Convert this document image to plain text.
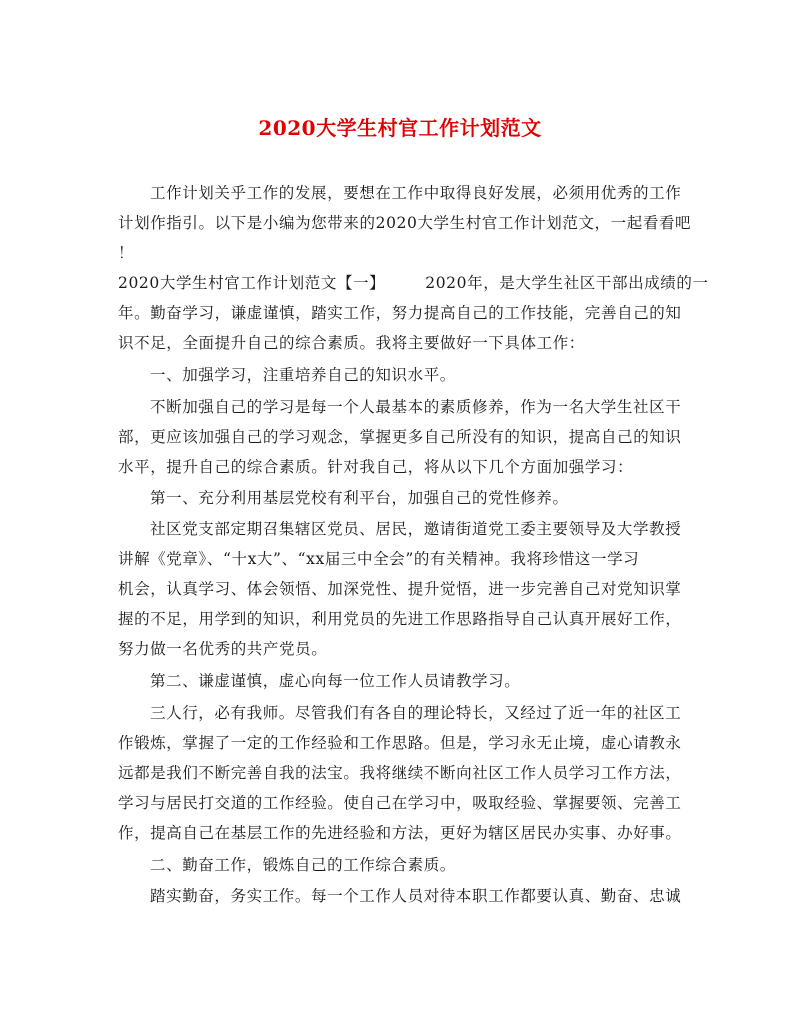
2020大学生村官工作计划范文
工作计划关乎工作的发展，要想在工作中取得良好发展，必须用优秀的工作
计划作指引。以下是小编为您带来的2020大学生村官工作计划范文，一起看看吧
！
2020大学生村官工作计划范文【一】	2020年，是大学生社区干部出成绩的一
年。勤奋学习，谦虚谨慎，踏实工作，努力提高自己的工作技能，完善自己的知
识不足，全面提升自己的综合素质。我将主要做好一下具体工作：
一、加强学习，注重培养自己的知识水平。
不断加强自己的学习是每一个人最基本的素质修养，作为一名大学生社区干
部，更应该加强自己的学习观念，掌握更多自己所没有的知识，提高自己的知识
水平，提升自己的综合素质。针对我自己，将从以下几个方面加强学习：
第一、充分利用基层党校有利平台，加强自己的党性修养。
社区党支部定期召集辖区党员、居民，邀请街道党工委主要领导及大学教授
讲解《党章》、“十x大”、“xx届三中全会”的有关精神。我将珍惜这一学习
机会，认真学习、体会领悟、加深党性、提升觉悟，进一步完善自己对党知识掌
握的不足，用学到的知识，利用党员的先进工作思路指导自己认真开展好工作，
努力做一名优秀的共产党员。
第二、谦虚谨慎，虚心向每一位工作人员请教学习。
三人行，必有我师。尽管我们有各自的理论特长，又经过了近一年的社区工
作锻炼，掌握了一定的工作经验和工作思路。但是，学习永无止境，虚心请教永
远都是我们不断完善自我的法宝。我将继续不断向社区工作人员学习工作方法，
学习与居民打交道的工作经验。使自己在学习中，吸取经验、掌握要领、完善工
作，提高自己在基层工作的先进经验和方法，更好为辖区居民办实事、办好事。
二、勤奋工作，锻炼自己的工作综合素质。
踏实勤奋，务实工作。每一个工作人员对待本职工作都要认真、勤奋、忠诚
